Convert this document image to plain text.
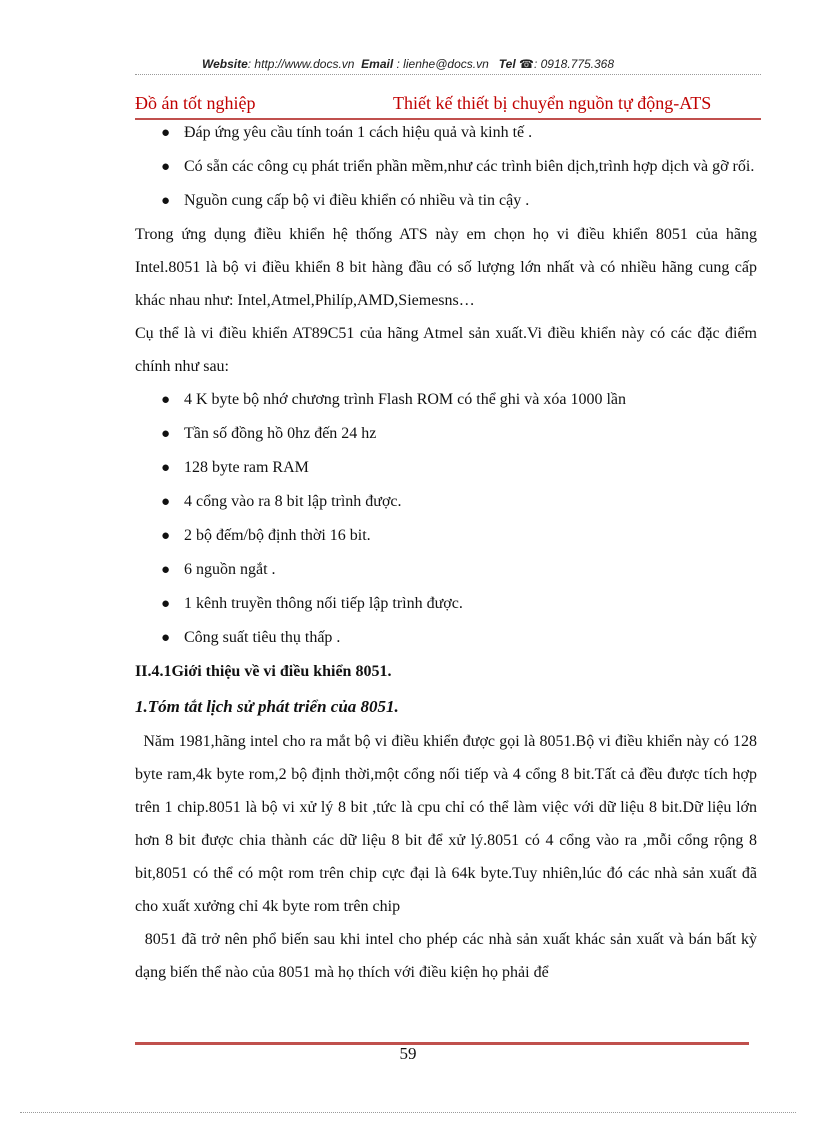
Website: http://www.docs.vn Email : lienhe@docs.vn Tel ☎: 0918.775.368
Đồ án tốt nghiệp	Thiết kế thiết bị chuyển nguồn tự động-ATS
● Đáp ứng yêu cầu tính toán 1 cách hiệu quả và kinh tế .
● Có sẵn các công cụ phát triển phần mềm,như các trình biên dịch,trình hợp dịch và gỡ rối.
● Nguồn cung cấp bộ vi điều khiển có nhiều và tin cậy .
Trong ứng dụng điều khiển hệ thống ATS này em chọn họ vi điều khiển 8051 của hãng Intel.8051 là bộ vi điều khiển 8 bit hàng đầu có số lượng lớn nhất và có nhiều hãng cung cấp khác nhau như: Intel,Atmel,Philíp,AMD,Siemesns…
Cụ thể là vi điều khiển AT89C51 của hãng Atmel sản xuất.Vi điều khiển này có các đặc điểm chính như sau:
● 4 K byte bộ nhớ chương trình Flash ROM có thể ghi và xóa 1000 lần
● Tần số đồng hồ 0hz đến 24 hz
● 128 byte ram RAM
● 4 cổng vào ra 8 bit lập trình được.
● 2 bộ đếm/bộ định thời 16 bit.
● 6 nguồn ngắt .
● 1 kênh truyền thông nối tiếp lập trình được.
● Công suất tiêu thụ thấp .
II.4.1Giới thiệu về vi điều khiển 8051.
1.Tóm tắt lịch sử phát triển của 8051.
Năm 1981,hãng intel cho ra mắt bộ vi điều khiển được gọi là 8051.Bộ vi điều khiển này có 128 byte ram,4k byte rom,2 bộ định thời,một cổng nối tiếp và 4 cổng 8 bit.Tất cả đều được tích hợp trên 1 chip.8051 là bộ vi xử lý 8 bit ,tức là cpu chỉ có thể làm việc với dữ liệu 8 bit.Dữ liệu lớn hơn 8 bit được chia thành các dữ liệu 8 bit để xử lý.8051 có 4 cổng vào ra ,mỗi cổng rộng 8 bit,8051 có thể có một rom trên chip cực đại là 64k byte.Tuy nhiên,lúc đó các nhà sản xuất đã cho xuất xưởng chỉ 4k byte rom trên chip
8051 đã trở nên phổ biến sau khi intel cho phép các nhà sản xuất khác sản xuất và bán bất kỳ dạng biến thể nào của 8051 mà họ thích với điều kiện họ phải để
59
